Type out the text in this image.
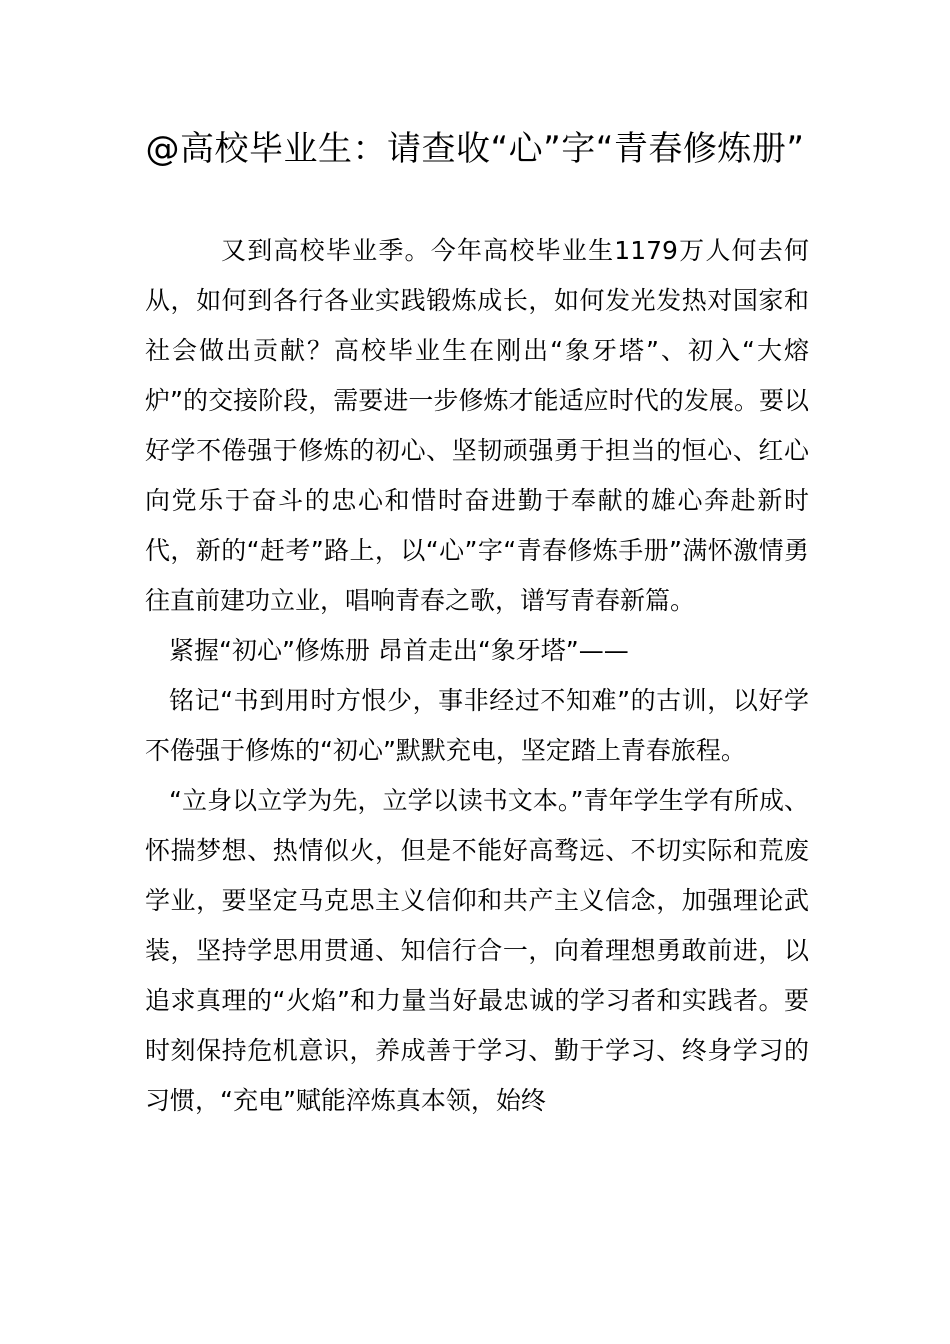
@高校毕业生：请查收“心”字“青春修炼册”

又到高校毕业季。今年高校毕业生1179万人何去何从，如何到各行各业实践锻炼成长，如何发光发热对国家和社会做出贡献？高校毕业生在刚出“象牙塔”、初入“大熔炉”的交接阶段，需要进一步修炼才能适应时代的发展。要以好学不倦强于修炼的初心、坚韧顽强勇于担当的恒心、红心向党乐于奋斗的忠心和惜时奋进勤于奉献的雄心奔赴新时代，新的“赶考”路上，以“心”字“青春修炼手册”满怀激情勇往直前建功立业，唱响青春之歌，谱写青春新篇。

紧握“初心”修炼册 昂首走出“象牙塔”——

铭记“书到用时方恨少，事非经过不知难”的古训，以好学不倦强于修炼的“初心”默默充电，坚定踏上青春旅程。

“立身以立学为先，立学以读书文本。”青年学生学有所成、怀揣梦想、热情似火，但是不能好高骛远、不切实际和荒废学业，要坚定马克思主义信仰和共产主义信念，加强理论武装，坚持学思用贯通、知信行合一，向着理想勇敢前进，以追求真理的“火焰”和力量当好最忠诚的学习者和实践者。要时刻保持危机意识，养成善于学习、勤于学习、终身学习的习惯，“充电”赋能淬炼真本领，始终
